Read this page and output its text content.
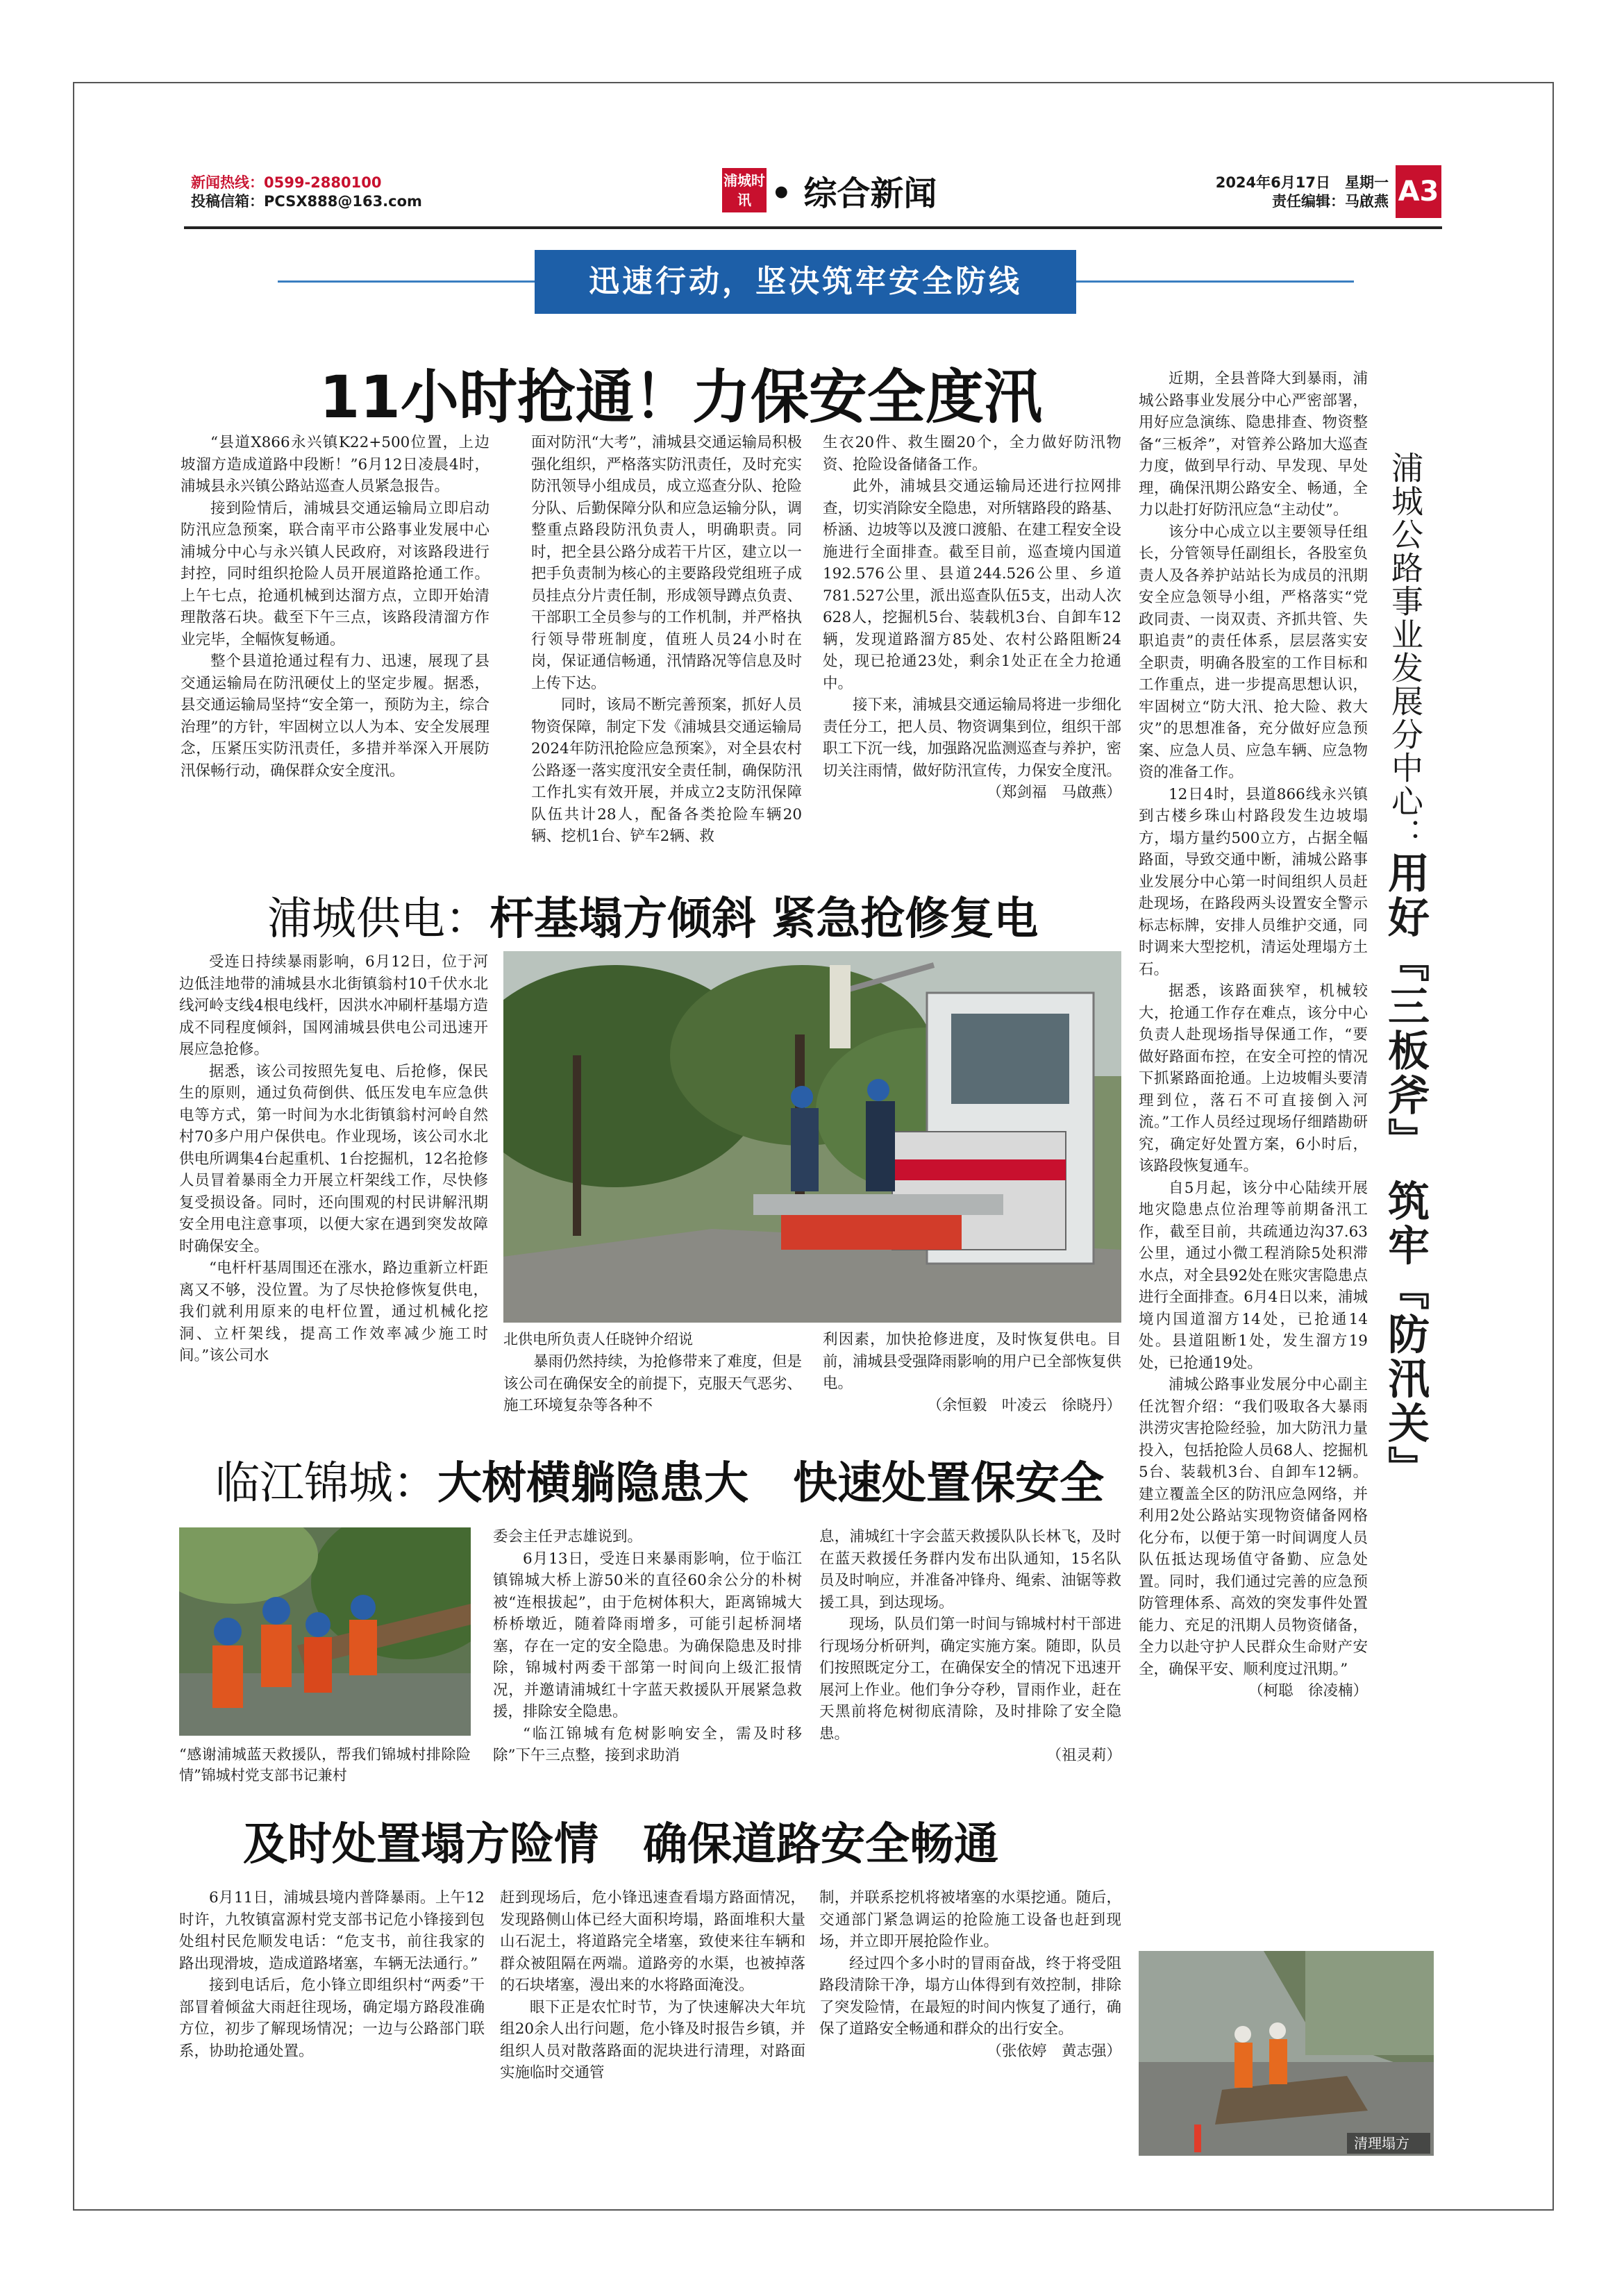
新闻热线：0599-2880100
投稿信箱：PCSX888@163.com
浦城时讯 • 综合新闻	2024年6月17日　星期一
责任编辑：马啟燕 A3
迅速行动，坚决筑牢安全防线
11小时抢通！力保安全度汛

“县道X866永兴镇K22+500位置，上边坡溜方造成道路中段断！”6月12日凌晨4时，浦城县永兴镇公路站巡查人员紧急报告。

接到险情后，浦城县交通运输局立即启动防汛应急预案，联合南平市公路事业发展中心浦城分中心与永兴镇人民政府，对该路段进行封控，同时组织抢险人员开展道路抢通工作。上午七点，抢通机械到达溜方点，立即开始清理散落石块。截至下午三点，该路段清溜方作业完毕，全幅恢复畅通。

整个县道抢通过程有力、迅速，展现了县交通运输局在防汛硬仗上的坚定步履。据悉，县交通运输局坚持“安全第一，预防为主，综合治理”的方针，牢固树立以人为本、安全发展理念，压紧压实防汛责任，多措并举深入开展防汛保畅行动，确保群众安全度汛。

面对防汛“大考”，浦城县交通运输局积极强化组织，严格落实防汛责任，及时充实防汛领导小组成员，成立巡查分队、抢险分队、后勤保障分队和应急运输分队，调整重点路段防汛负责人，明确职责。同时，把全县公路分成若干片区，建立以一把手负责制为核心的主要路段党组班子成员挂点分片责任制，形成领导蹲点负责、干部职工全员参与的工作机制，并严格执行领导带班制度，值班人员24小时在岗，保证通信畅通，汛情路况等信息及时上传下达。

同时，该局不断完善预案，抓好人员物资保障，制定下发《浦城县交通运输局2024年防汛抢险应急预案》，对全县农村公路逐一落实度汛安全责任制，确保防汛工作扎实有效开展，并成立2支防汛保障队伍共计28人，配备各类抢险车辆20辆、挖机1台、铲车2辆、救

生衣20件、救生圈20个，全力做好防汛物资、抢险设备储备工作。

此外，浦城县交通运输局还进行拉网排查，切实消除安全隐患，对所辖路段的路基、桥涵、边坡等以及渡口渡船、在建工程安全设施进行全面排查。截至目前，巡查境内国道192.576公里、县道244.526公里、乡道781.527公里，派出巡查队伍5支，出动人次628人，挖掘机5台、装载机3台、自卸车12辆，发现道路溜方85处、农村公路阻断24处，现已抢通23处，剩余1处正在全力抢通中。

接下来，浦城县交通运输局将进一步细化责任分工，把人员、物资调集到位，组织干部职工下沉一线，加强路况监测巡查与养护，密切关注雨情，做好防汛宣传，力保安全度汛。

（郑剑福　马啟燕）

浦城供电：杆基塌方倾斜 紧急抢修复电

受连日持续暴雨影响，6月12日，位于河边低洼地带的浦城县水北街镇翁村10千伏水北线河岭支线4根电线杆，因洪水冲刷杆基塌方造成不同程度倾斜，国网浦城县供电公司迅速开展应急抢修。

据悉，该公司按照先复电、后抢修，保民生的原则，通过负荷倒供、低压发电车应急供电等方式，第一时间为水北街镇翁村河岭自然村70多户用户保供电。作业现场，该公司水北供电所调集4台起重机、1台挖掘机，12名抢修人员冒着暴雨全力开展立杆架线工作，尽快修复受损设备。同时，还向围观的村民讲解汛期安全用电注意事项，以便大家在遇到突发故障时确保安全。

“电杆杆基周围还在涨水，路边重新立杆距离又不够，没位置。为了尽快抢修恢复供电，我们就利用原来的电杆位置，通过机械化挖洞、立杆架线，提高工作效率减少施工时间。”该公司水

北供电所负责人任晓钟介绍说

暴雨仍然持续，为抢修带来了难度，但是该公司在确保安全的前提下，克服天气恶劣、施工环境复杂等各种不

利因素，加快抢修进度，及时恢复供电。目前，浦城县受强降雨影响的用户已全部恢复供电。

（余恒毅　叶凌云　徐晓丹）

临江锦城：大树横躺隐患大　快速处置保安全
“感谢浦城蓝天救援队，帮我们锦城村排除险情”锦城村党支部书记兼村

委会主任尹志雄说到。

6月13日，受连日来暴雨影响，位于临江镇锦城大桥上游50米的直径60余公分的朴树被“连根拔起”，由于危树体积大，距离锦城大桥桥墩近，随着降雨增多，可能引起桥洞堵塞，存在一定的安全隐患。为确保隐患及时排除，锦城村两委干部第一时间向上级汇报情况，并邀请浦城红十字蓝天救援队开展紧急救援，排除安全隐患。

“临江锦城有危树影响安全，需及时移除”下午三点整，接到求助消

息，浦城红十字会蓝天救援队队长林飞，及时在蓝天救援任务群内发布出队通知，15名队员及时响应，并准备冲锋舟、绳索、油锯等救援工具，到达现场。

现场，队员们第一时间与锦城村村干部进行现场分析研判，确定实施方案。随即，队员们按照既定分工，在确保安全的情况下迅速开展河上作业。他们争分夺秒，冒雨作业，赶在天黑前将危树彻底清除，及时排除了安全隐患。

（祖灵莉）

及时处置塌方险情　确保道路安全畅通

6月11日，浦城县境内普降暴雨。上午12时许，九牧镇富源村党支部书记危小锋接到包处组村民危顺发电话：“危支书，前往我家的路出现滑坡，造成道路堵塞，车辆无法通行。”

接到电话后，危小锋立即组织村“两委”干部冒着倾盆大雨赶往现场，确定塌方路段准确方位，初步了解现场情况；一边与公路部门联系，协助抢通处置。

赶到现场后，危小锋迅速查看塌方路面情况，发现路侧山体已经大面积垮塌，路面堆积大量山石泥土，将道路完全堵塞，致使来往车辆和群众被阻隔在两端。道路旁的水渠，也被掉落的石块堵塞，漫出来的水将路面淹没。

眼下正是农忙时节，为了快速解决大年坑组20余人出行问题，危小锋及时报告乡镇，并组织人员对散落路面的泥块进行清理，对路面实施临时交通管

制，并联系挖机将被堵塞的水渠挖通。随后，交通部门紧急调运的抢险施工设备也赶到现场，并立即开展抢险作业。

经过四个多小时的冒雨奋战，终于将受阻路段清除干净，塌方山体得到有效控制，排除了突发险情，在最短的时间内恢复了通行，确保了道路安全畅通和群众的出行安全。

（张依婷　黄志强）

浦城公路事业发展分中心：用好『三板斧』 筑牢『防汛关』

近期，全县普降大到暴雨，浦城公路事业发展分中心严密部署，用好应急演练、隐患排查、物资整备“三板斧”，对管养公路加大巡查力度，做到早行动、早发现、早处理，确保汛期公路安全、畅通，全力以赴打好防汛应急“主动仗”。

该分中心成立以主要领导任组长，分管领导任副组长，各股室负责人及各养护站站长为成员的汛期安全应急领导小组，严格落实“党政同责、一岗双责、齐抓共管、失职追责”的责任体系，层层落实安全职责，明确各股室的工作目标和工作重点，进一步提高思想认识，牢固树立“防大汛、抢大险、救大灾”的思想准备，充分做好应急预案、应急人员、应急车辆、应急物资的准备工作。

12日4时，县道866线永兴镇到古楼乡珠山村路段发生边坡塌方，塌方量约500立方，占据全幅路面，导致交通中断，浦城公路事业发展分中心第一时间组织人员赶赴现场，在路段两头设置安全警示标志标牌，安排人员维护交通，同时调来大型挖机，清运处理塌方土石。

据悉，该路面狭窄，机械较大，抢通工作存在难点，该分中心负责人赴现场指导保通工作，“要做好路面布控，在安全可控的情况下抓紧路面抢通。上边坡帽头要清理到位，落石不可直接倒入河流。”工作人员经过现场仔细踏勘研究，确定好处置方案，6小时后，该路段恢复通车。

自5月起，该分中心陆续开展地灾隐患点位治理等前期备汛工作，截至目前，共疏通边沟37.63公里，通过小微工程消除5处积滞水点，对全县92处在账灾害隐患点进行全面排查。6月4日以来，浦城境内国道溜方14处，已抢通14处。县道阻断1处，发生溜方19处，已抢通19处。

浦城公路事业发展分中心副主任沈智介绍：“我们吸取各大暴雨洪涝灾害抢险经验，加大防汛力量投入，包括抢险人员68人、挖掘机5台、装载机3台、自卸车12辆。建立覆盖全区的防汛应急网络，并利用2处公路站实现物资储备网格化分布，以便于第一时间调度人员队伍抵达现场值守备勤、应急处置。同时，我们通过完善的应急预防管理体系、高效的突发事件处置能力、充足的汛期人员物资储备，全力以赴守护人民群众生命财产安全，确保平安、顺利度过汛期。”

（柯聪　徐凌楠）

清理塌方
